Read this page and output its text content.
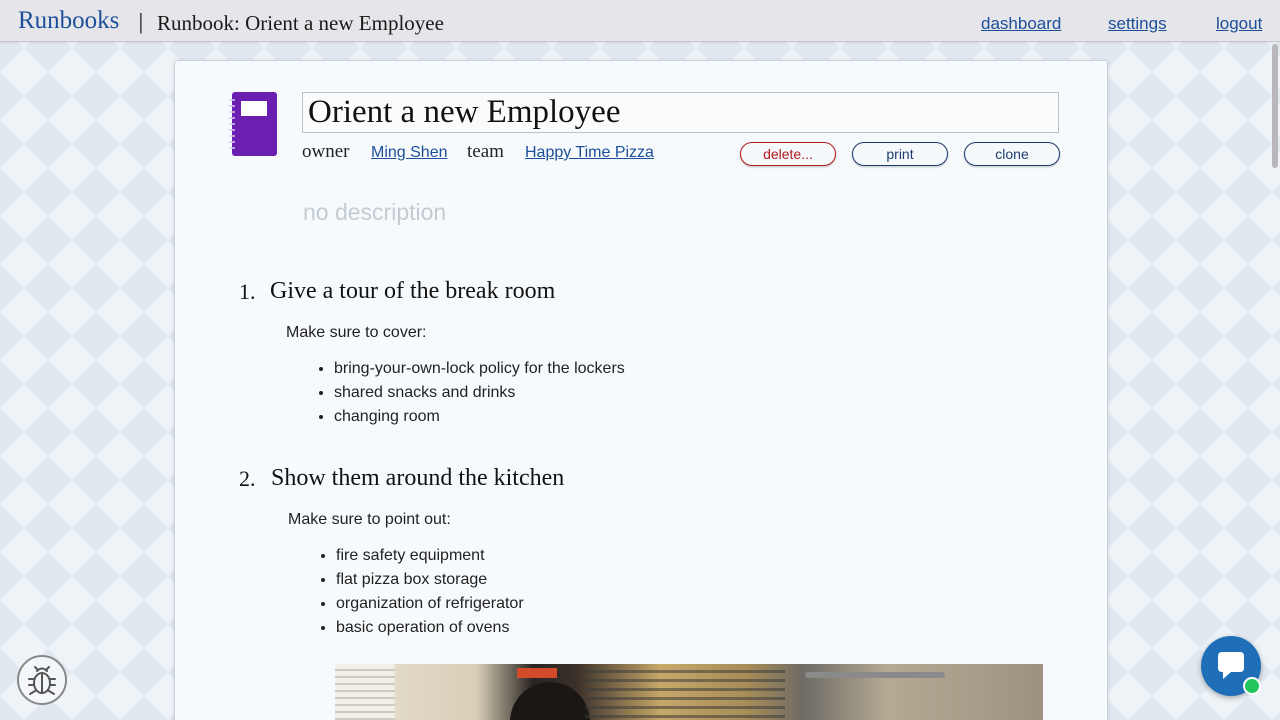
Runbooks | Runbook: Orient a new Employee	dashboard	settings	logout
Orient a new Employee
owner Ming Shen team Happy Time Pizza	delete...	print	clone
no description
1. Give a tour of the break room
Make sure to cover:
• bring-your-own-lock policy for the lockers
• shared snacks and drinks
• changing room
2. Show them around the kitchen
Make sure to point out:
• fire safety equipment
• flat pizza box storage
• organization of refrigerator
• basic operation of ovens
